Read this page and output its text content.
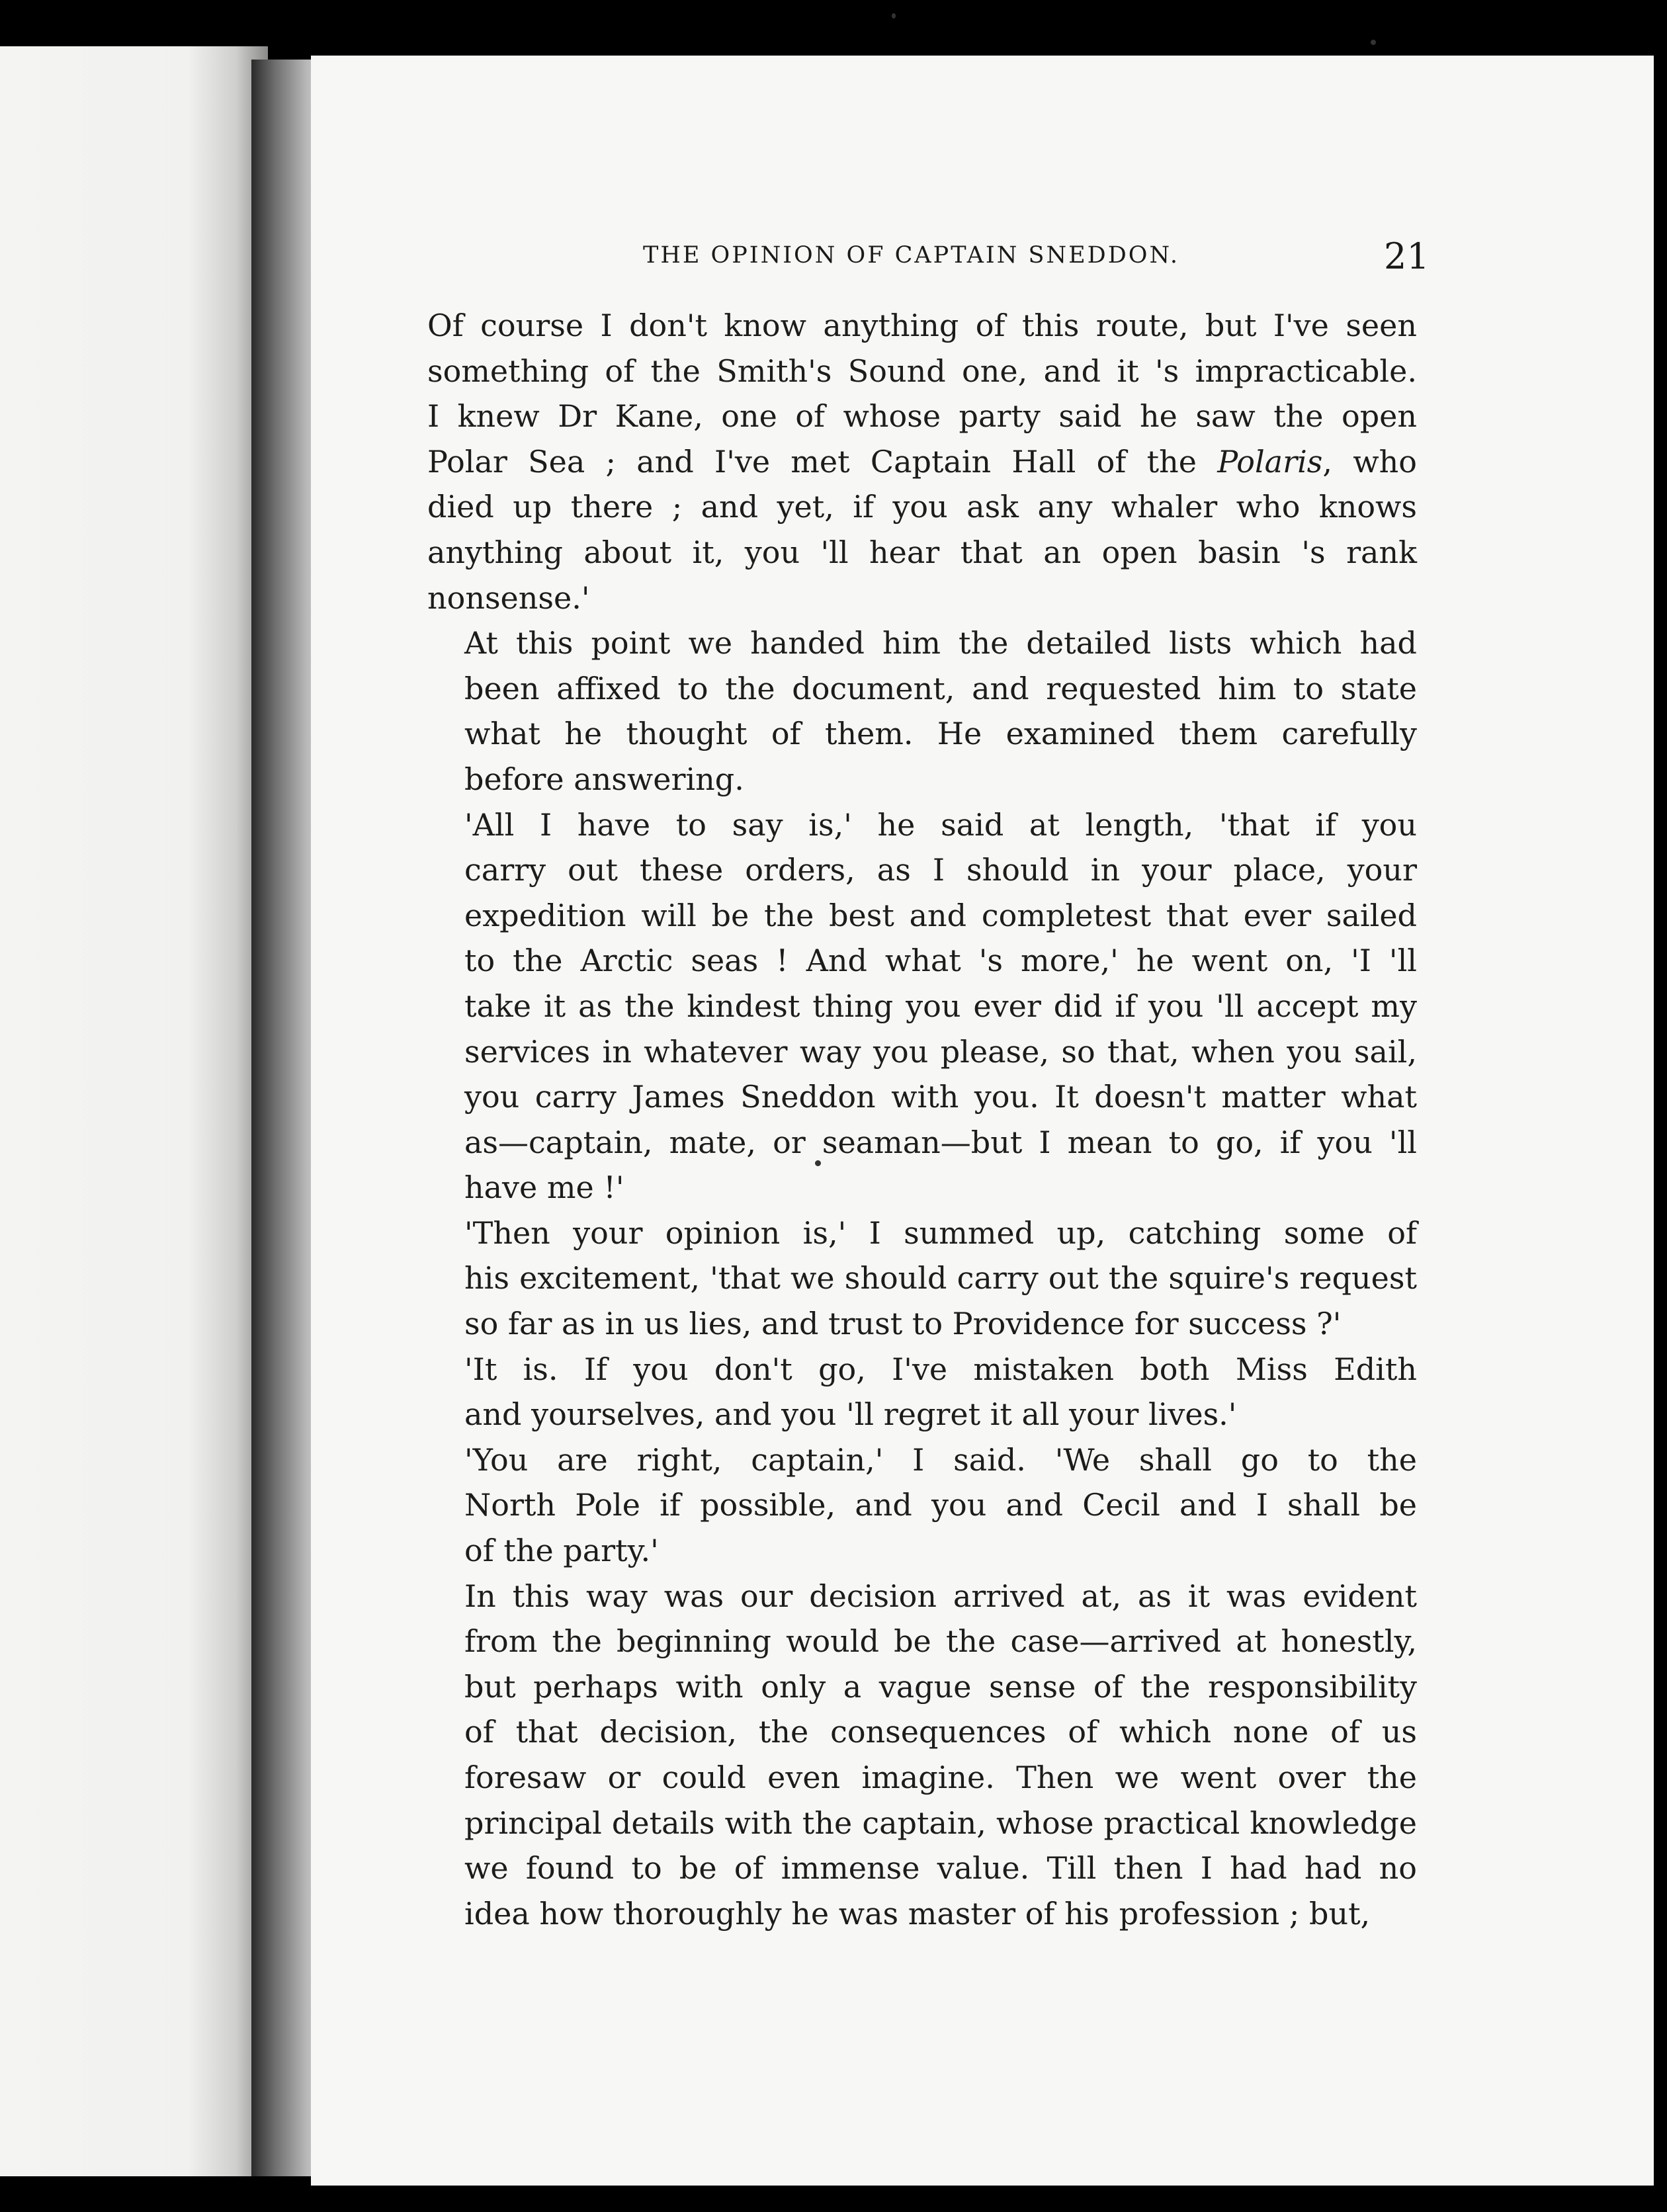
THE OPINION OF CAPTAIN SNEDDON.	21
Of course I don't know anything of this route, but I've seen
something of the Smith's Sound one, and it 's impracticable.
I knew Dr Kane, one of whose party said he saw the open
Polar Sea ; and I've met Captain Hall of the Polaris, who
died up there ; and yet, if you ask any whaler who knows
anything about it, you 'll hear that an open basin 's rank
nonsense.'
At this point we handed him the detailed lists which had
been affixed to the document, and requested him to state
what he thought of them. He examined them carefully
before answering.
'All I have to say is,' he said at length, 'that if you
carry out these orders, as I should in your place, your
expedition will be the best and completest that ever sailed
to the Arctic seas ! And what 's more,' he went on, 'I 'll
take it as the kindest thing you ever did if you 'll accept my
services in whatever way you please, so that, when you sail,
you carry James Sneddon with you. It doesn't matter what
as—captain, mate, or seaman—but I mean to go, if you 'll
have me !'
'Then your opinion is,' I summed up, catching some of
his excitement, 'that we should carry out the squire's request
so far as in us lies, and trust to Providence for success ?'
'It is. If you don't go, I've mistaken both Miss Edith
and yourselves, and you 'll regret it all your lives.'
'You are right, captain,' I said. 'We shall go to the
North Pole if possible, and you and Cecil and I shall be
of the party.'
In this way was our decision arrived at, as it was evident
from the beginning would be the case—arrived at honestly,
but perhaps with only a vague sense of the responsibility
of that decision, the consequences of which none of us
foresaw or could even imagine. Then we went over the
principal details with the captain, whose practical knowledge
we found to be of immense value. Till then I had had no
idea how thoroughly he was master of his profession ; but,
